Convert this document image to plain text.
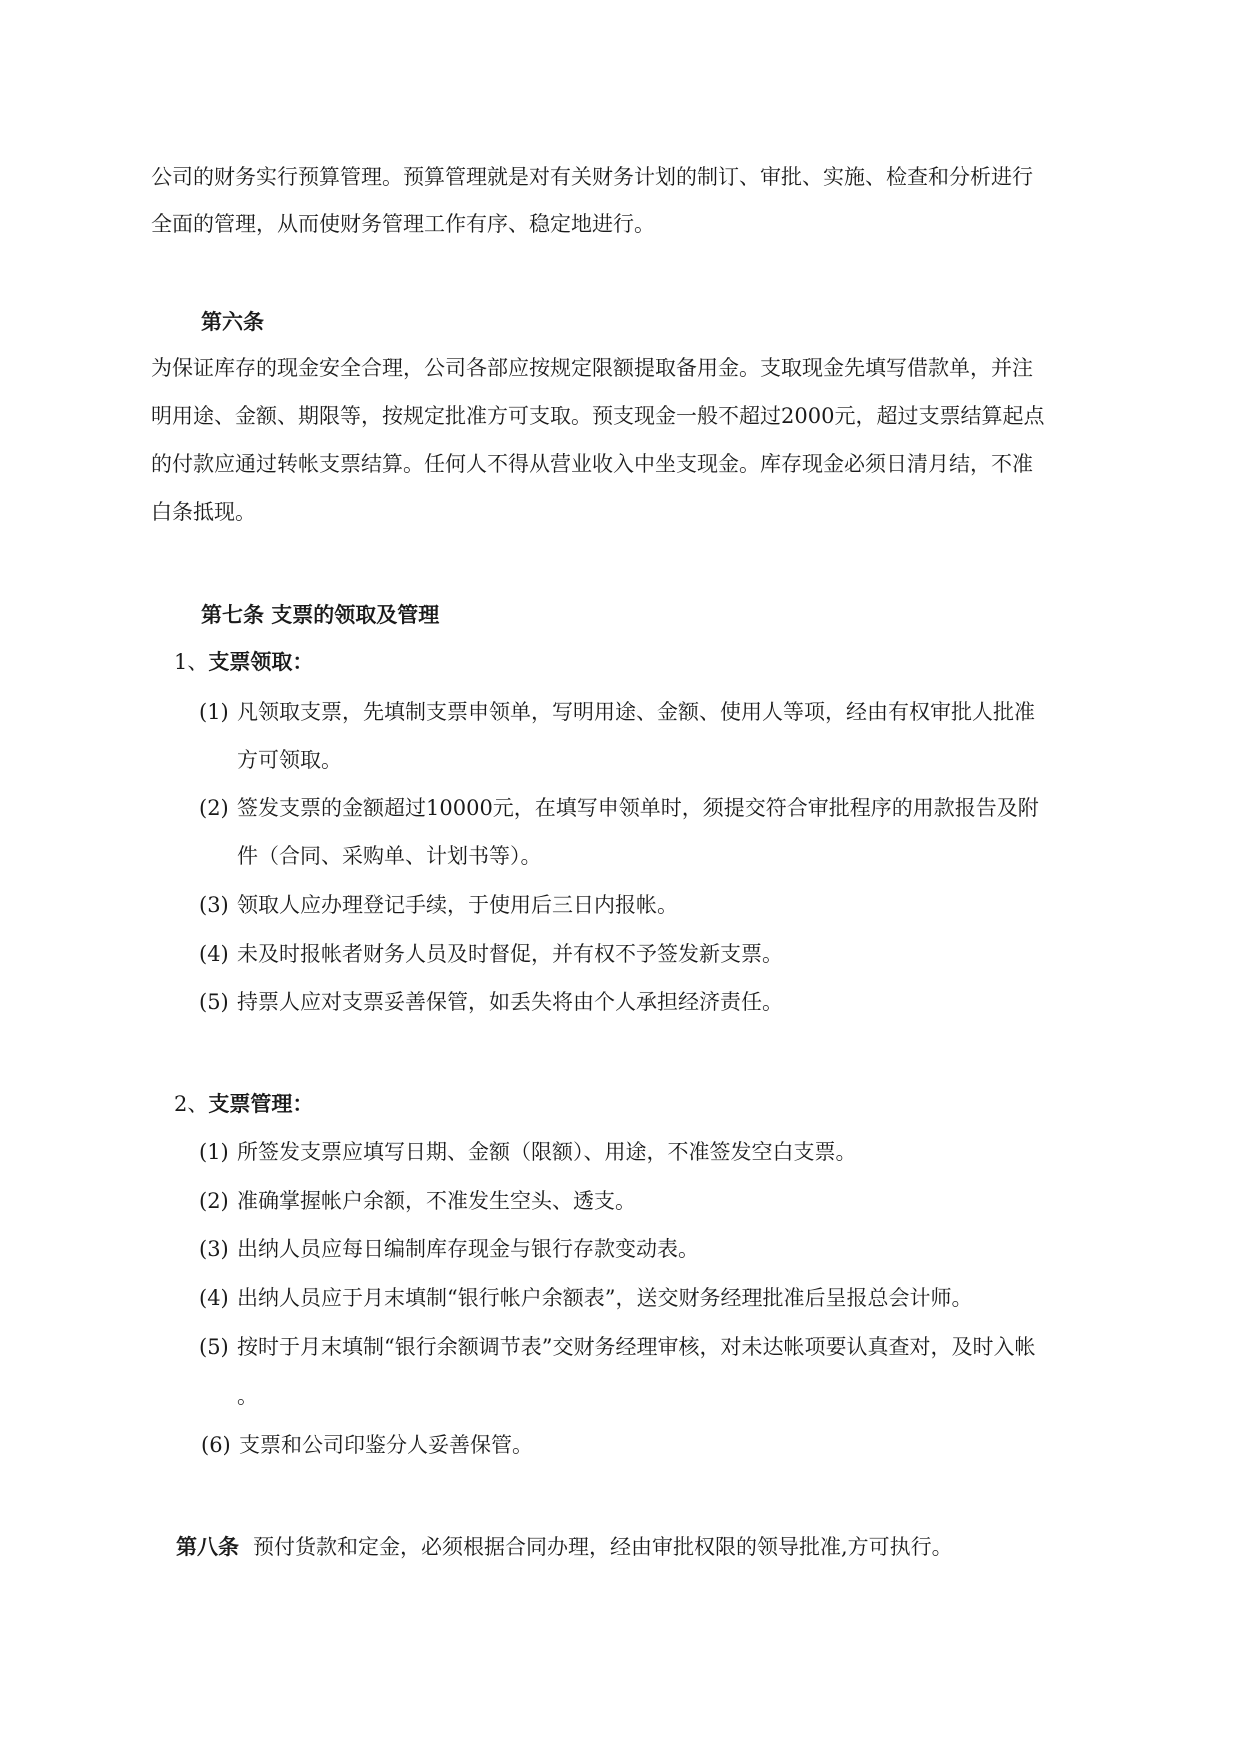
公司的财务实行预算管理。预算管理就是对有关财务计划的制订、审批、实施、检查和分析进行
全面的管理，从而使财务管理工作有序、稳定地进行。
第六条
为保证库存的现金安全合理，公司各部应按规定限额提取备用金。支取现金先填写借款单，并注
明用途、金额、期限等，按规定批准方可支取。预支现金一般不超过2000元，超过支票结算起点
的付款应通过转帐支票结算。任何人不得从营业收入中坐支现金。库存现金必须日清月结，不准
白条抵现。
第七条 支票的领取及管理
1、支票领取：
(1) 凡领取支票，先填制支票申领单，写明用途、金额、使用人等项，经由有权审批人批准
方可领取。
(2) 签发支票的金额超过10000元，在填写申领单时，须提交符合审批程序的用款报告及附
件（合同、采购单、计划书等）。
(3) 领取人应办理登记手续，于使用后三日内报帐。
(4) 未及时报帐者财务人员及时督促，并有权不予签发新支票。
(5) 持票人应对支票妥善保管，如丢失将由个人承担经济责任。
2、支票管理：
(1) 所签发支票应填写日期、金额（限额）、用途，不准签发空白支票。
(2) 准确掌握帐户余额，不准发生空头、透支。
(3) 出纳人员应每日编制库存现金与银行存款变动表。
(4) 出纳人员应于月末填制“银行帐户余额表”，送交财务经理批准后呈报总会计师。
(5) 按时于月末填制“银行余额调节表”交财务经理审核，对未达帐项要认真查对，及时入帐
。
(6) 支票和公司印鉴分人妥善保管。
第八条 预付货款和定金，必须根据合同办理，经由审批权限的领导批准,方可执行。
